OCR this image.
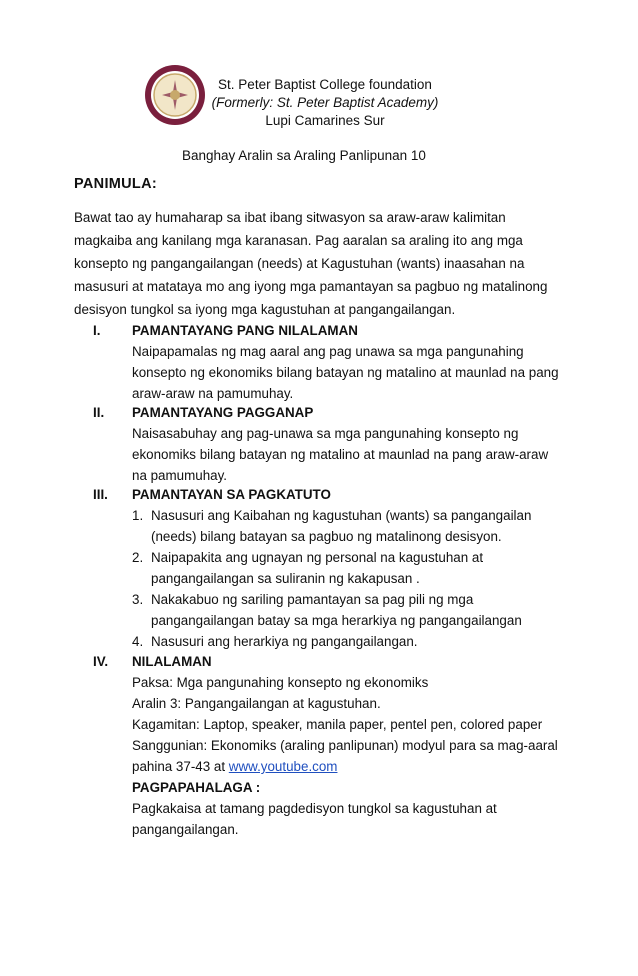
St. Peter Baptist College foundation
(Formerly: St. Peter Baptist Academy)
Lupi Camarines Sur
Banghay Aralin sa Araling Panlipunan 10
PANIMULA:
Bawat tao ay humaharap sa ibat ibang sitwasyon sa araw-araw kalimitan
magkaiba ang kanilang mga karanasan. Pag aaralan sa araling ito ang mga
konsepto ng pangangailangan (needs) at Kagustuhan (wants) inaasahan na
masusuri at matataya mo ang iyong mga pamantayan sa pagbuo ng matalinong
desisyon tungkol sa iyong mga kagustuhan at pangangailangan.
I. PAMANTAYANG PANG NILALAMAN
Naipapamalas ng mag aaral ang pag unawa sa mga pangunahing
konsepto ng ekonomiks bilang batayan ng matalino at maunlad na pang
araw-araw na pamumuhay.
II. PAMANTAYANG PAGGANAP
Naisasabuhay ang pag-unawa sa mga pangunahing konsepto ng
ekonomiks bilang batayan ng matalino at maunlad na pang araw-araw
na pamumuhay.
III. PAMANTAYAN SA PAGKATUTO
1. Nasusuri ang Kaibahan ng kagustuhan (wants) sa pangangailan
(needs) bilang batayan sa pagbuo ng matalinong desisyon.
2. Naipapakita ang ugnayan ng personal na kagustuhan at
pangangailangan sa suliranin ng kakapusan .
3. Nakakabuo ng sariling pamantayan sa pag pili ng mga
pangangailangan batay sa mga herarkiya ng pangangailangan
4. Nasusuri ang herarkiya ng pangangailangan.
IV. NILALAMAN
Paksa: Mga pangunahing konsepto ng ekonomiks
Aralin 3: Pangangailangan at kagustuhan.
Kagamitan: Laptop, speaker, manila paper, pentel pen, colored paper
Sanggunian: Ekonomiks (araling panlipunan) modyul para sa mag-aaral
pahina 37-43 at www.youtube.com
PAGPAPAHALAGA :
Pagkakaisa at tamang pagdedisyon tungkol sa kagustuhan at
pangangailangan.
